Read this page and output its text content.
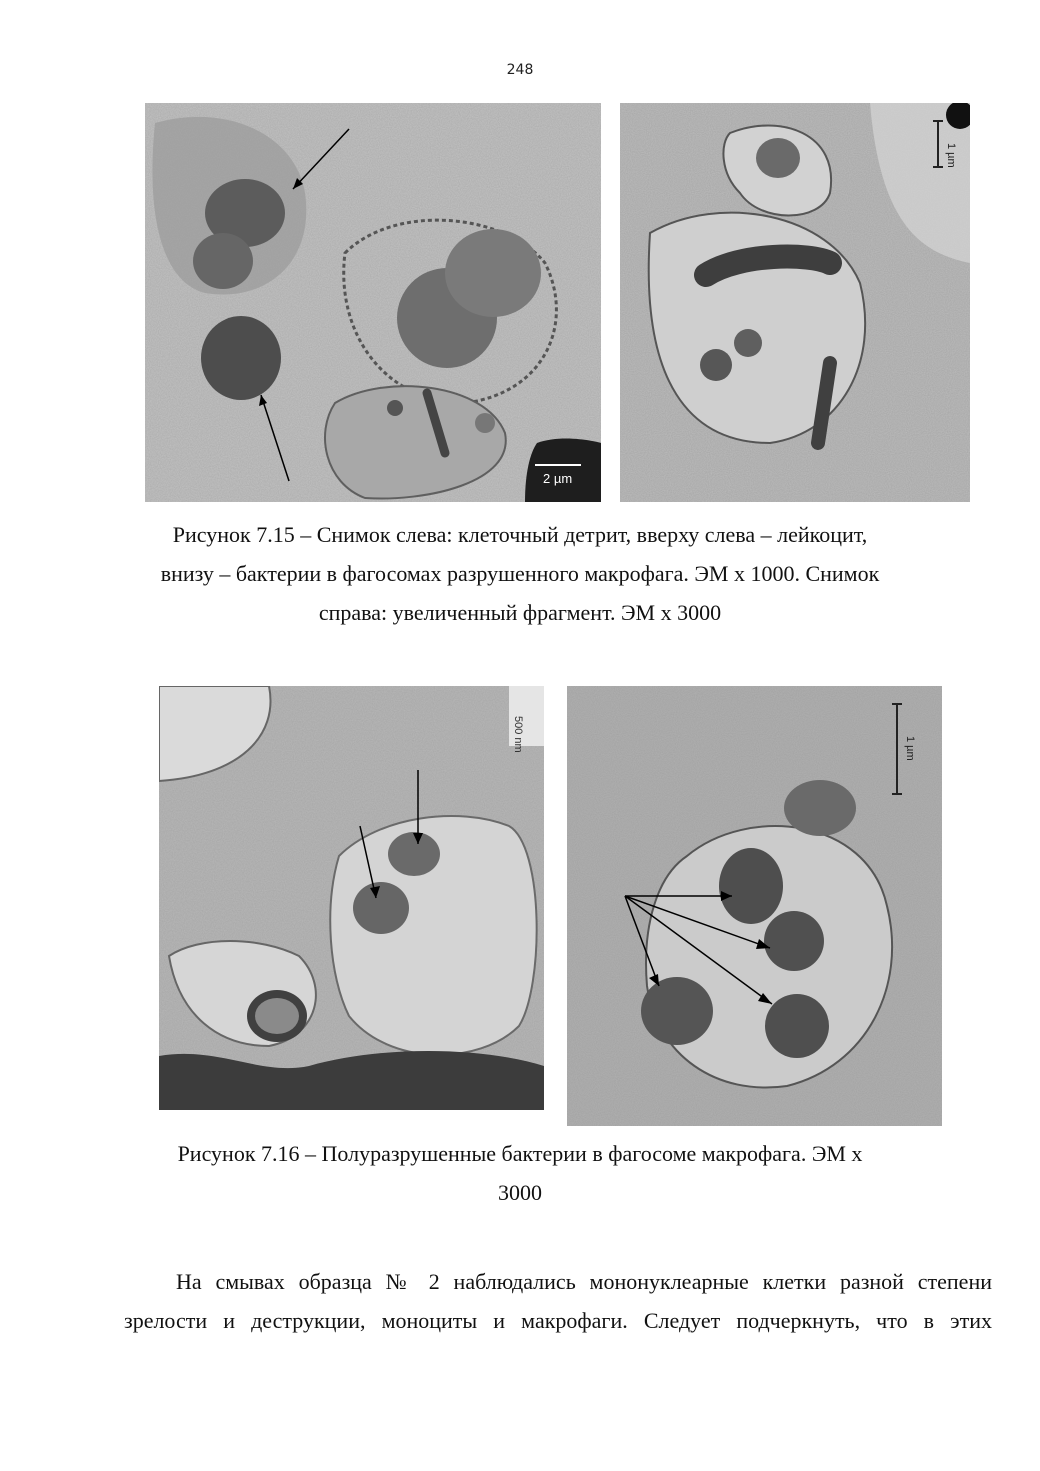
248
2 µm
1 µm
Рисунок 7.15 – Снимок слева: клеточный детрит, вверху слева – лейкоцит,
внизу – бактерии в фагосомах разрушенного макрофага. ЭМ х 1000. Снимок
справа: увеличенный фрагмент. ЭМ х 3000
500 nm	1 µm
Рисунок 7.16 – Полуразрушенные бактерии в фагосоме макрофага. ЭМ х
3000
На смывах образца № 2 наблюдались мононуклеарные клетки разной степени
зрелости и деструкции, моноциты и макрофаги. Следует подчеркнуть, что в этих
